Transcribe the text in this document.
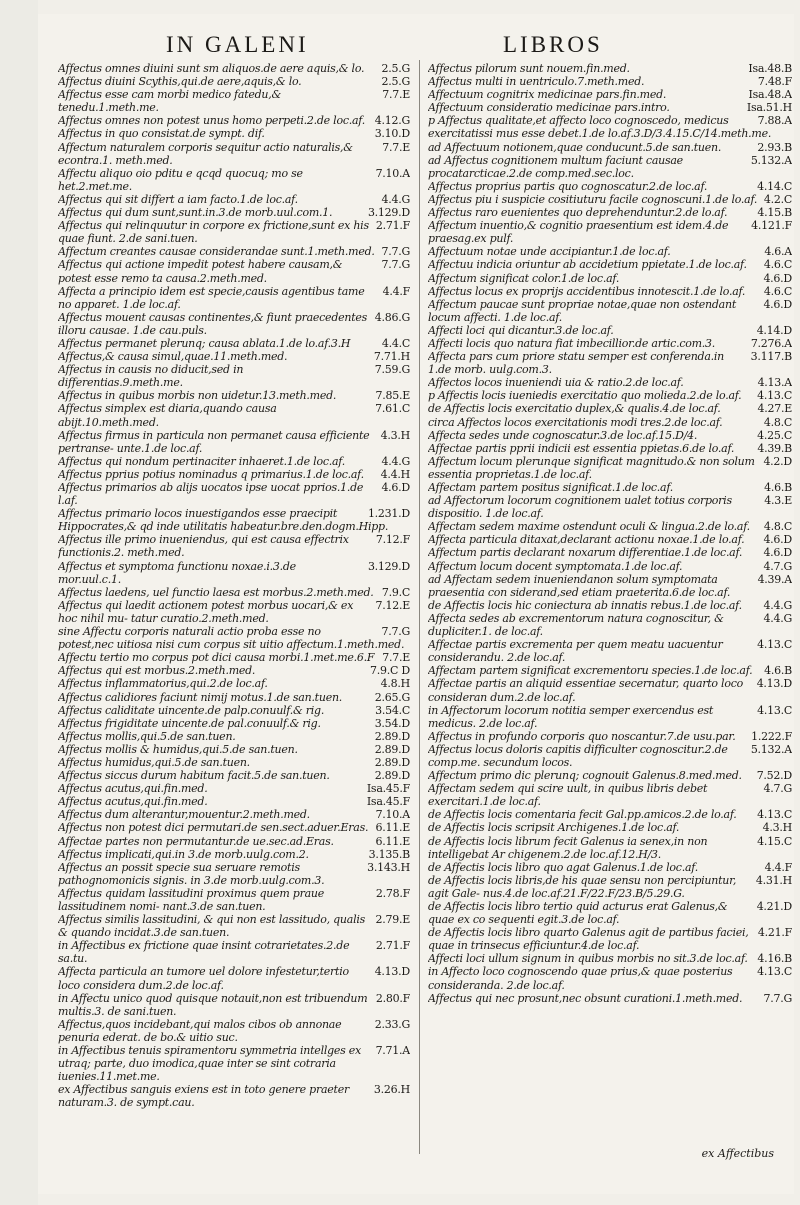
IN GALENI	LIBROS

2.5.G
Affectus omnes diuini sunt sm aliquos.de aere aquis,& lo.

2.5.G
Affectus diuini Scythis,qui.de aere,aquis,& lo.

7.7.E
Affectus esse cam morbi medico fatedu,& tenedu.1.meth.me.

4.12.G
Affectus omnes non potest unus homo perpeti.2.de loc.af.

3.10.D
Affectus in quo consistat.de sympt. dif.

7.7.E
Affectum naturalem corporis sequitur actio naturalis,& econtra.1. meth.med.

7.10.A
Affectu aliquo oio pditu e qcqd quocuq; mo se het.2.met.me.

4.4.G
Affectus qui sit differt a iam facto.1.de loc.af.

3.129.D
Affectus qui dum sunt,sunt.in.3.de morb.uul.com.1.

2.71.F
Affectus qui relinquutur in corpore ex frictione,sunt ex his quae fiunt. 2.de sani.tuen.

7.7.G
Affectum creantes causae considerandae sunt.1.meth.med.

7.7.G
Affectus qui actione impedit potest habere causam,& potest esse remo ta causa.2.meth.med.

4.4.F
Affecta a principio idem est specie,causis agentibus tame no apparet. 1.de loc.af.

4.86.G
Affectus mouent causas continentes,& fiunt praecedentes illoru causae. 1.de cau.puls.

4.4.C
Affectus permanet plerunq; causa ablata.1.de lo.af.3.H

7.71.H
Affectus,& causa simul,quae.11.meth.med.

7.59.G
Affectus in causis no diducit,sed in differentias.9.meth.me.

7.85.E
Affectus in quibus morbis non uidetur.13.meth.med.

7.61.C
Affectus simplex est diaria,quando causa abijt.10.meth.med.

4.3.H
Affectus firmus in particula non permanet causa efficiente pertranse- unte.1.de loc.af.

4.4.G
Affectus qui nondum pertinaciter inhaeret.1.de loc.af.

4.4.H
Affectus pprius potius nominadus q primarius.1.de loc.af.

4.6.D
Affectus primarios ab alijs uocatos ipse uocat pprios.1.de l.af.

1.231.D
Affectus primario locos inuestigandos esse praecipit Hippocrates,& qd inde utilitatis habeatur.bre.den.dogm.Hipp.

7.12.F
Affectus ille primo inueniendus, qui est causa effectrix functionis.2. meth.med.

3.129.D
Affectus et symptoma functionu noxae.i.3.de mor.uul.c.1.

7.9.C
Affectus laedens, uel functio laesa est morbus.2.meth.med.

7.12.E
Affectus qui laedit actionem potest morbus uocari,& ex hoc nihil mu- tatur curatio.2.meth.med.

7.7.G
sine Affectu corporis naturali actio proba esse no potest,nec uitiosa nisi cum corpus sit uitio affectum.1.meth.med.

7.7.E
Affectu tertio mo corpus pot dici causa morbi.1.met.me.6.F

7.9.C D
Affectus qui est morbus.2.meth.med.

4.8.H
Affectus inflammatorius,qui.2.de loc.af.

2.65.G
Affectus calidiores faciunt nimij motus.1.de san.tuen.

3.54.C
Affectus caliditate uincente.de palp.conuulf.& rig.

3.54.D
Affectus frigiditate uincente.de pal.conuulf.& rig.

2.89.D
Affectus mollis,qui.5.de san.tuen.

2.89.D
Affectus mollis & humidus,qui.5.de san.tuen.

2.89.D
Affectus humidus,qui.5.de san.tuen.

2.89.D
Affectus siccus durum habitum facit.5.de san.tuen.

Isa.45.F
Affectus acutus,qui.fin.med.

Isa.45.F
Affectus acutus,qui.fin.med.

7.10.A
Affectus dum alterantur,mouentur.2.meth.med.

6.11.E
Affectus non potest dici permutari.de sen.sect.aduer.Eras.

6.11.E
Affectae partes non permutantur.de ue.sec.ad.Eras.

3.135.B
Affectus implicati,qui.in 3.de morb.uulg.com.2.

3.143.H
Affectus an possit specie sua seruare remotis pathognomonicis signis. in 3.de morb.uulg.com.3.

2.78.F
Affectus quidam lassitudini proximus quem praue lassitudinem nomi- nant.3.de san.tuen.

2.79.E
Affectus similis lassitudini, & qui non est lassitudo, qualis & quando incidat.3.de san.tuen.

2.71.F
in Affectibus ex frictione quae insint cotrarietates.2.de sa.tu.

4.13.D
Affecta particula an tumore uel dolore infestetur,tertio loco considera dum.2.de loc.af.

2.80.F
in Affectu unico quod quisque notauit,non est tribuendum multis.3. de sani.tuen.

2.33.G
Affectus,quos incidebant,qui malos cibos ob annonae penuria ederat. de bo.& uitio suc.

7.71.A
in Affectibus tenuis spiramentoru symmetria intellges ex utraq; parte, duo imodica,quae inter se sint cotraria iuenies.11.met.me.

3.26.H
ex Affectibus sanguis exiens est in toto genere praeter naturam.3. de sympt.cau.

Isa.48.B
Affectus pilorum sunt nouem.fin.med.

7.48.F
Affectus multi in uentriculo.7.meth.med.

Isa.48.A
Affectuum cognitrix medicinae pars.fin.med.

Isa.51.H
Affectuum consideratio medicinae pars.intro.

7.88.A
p Affectus qualitate,et affecto loco cognoscedo, medicus exercitatissi mus esse debet.1.de lo.af.3.D/3.4.15.C/14.meth.me.

2.93.B
ad Affectuum notionem,quae conducunt.5.de san.tuen.

5.132.A
ad Affectus cognitionem multum faciunt causae procatarcticae.2.de comp.med.sec.loc.

4.14.C
Affectus proprius partis quo cognoscatur.2.de loc.af.

4.2.C
Affectus piu i suspicie cositiuturu facile cognoscuni.1.de lo.af.

4.15.B
Affectus raro euenientes quo deprehenduntur.2.de lo.af.

4.121.F
Affectum inuentio,& cognitio praesentium est idem.4.de praesag.ex pulf.

4.6.A
Affectuum notae unde accipiantur.1.de loc.af.

4.6.C
Affectuu indicia oriuntur ab accidetium ppietate.1.de loc.af.

4.6.D
Affectum significat color.1.de loc.af.

4.6.C
Affectus locus ex proprijs accidentibus innotescit.1.de lo.af.

4.6.D
Affectum paucae sunt propriae notae,quae non ostendant locum affecti. 1.de loc.af.

4.14.D
Affecti loci qui dicantur.3.de loc.af.

7.276.A
Affecti locis quo natura fiat imbecillior.de artic.com.3.

3.117.B
Affecta pars cum priore statu semper est conferenda.in 1.de morb. uulg.com.3.

4.13.A
Affectos locos inueniendi uia & ratio.2.de loc.af.

4.13.C
p Affectis locis iueniedis exercitatio quo molieda.2.de lo.af.

4.27.E
de Affectis locis exercitatio duplex,& qualis.4.de loc.af.

4.8.C
circa Affectos locos exercitationis modi tres.2.de loc.af.

4.25.C
Affecta sedes unde cognoscatur.3.de loc.af.15.D/4.

4.39.B
Affectae partis pprii indicii est essentia ppietas.6.de lo.af.

4.2.D
Affectum locum plerunque significat magnitudo.& non solum essentia proprietas.1.de loc.af.

4.6.B
Affectam partem positus significat.1.de loc.af.

4.3.E
ad Affectorum locorum cognitionem ualet totius corporis dispositio. 1.de loc.af.

4.8.C
Affectam sedem maxime ostendunt oculi & lingua.2.de lo.af.

4.6.D
Affecta particula ditaxat,declarant actionu noxae.1.de lo.af.

4.6.D
Affectum partis declarant noxarum differentiae.1.de loc.af.

4.7.G
Affectum locum docent symptomata.1.de loc.af.

4.39.A
ad Affectam sedem inueniendanon solum symptomata praesentia con siderand,sed etiam praeterita.6.de loc.af.

4.4.G
de Affectis locis hic coniectura ab innatis rebus.1.de loc.af.

4.4.G
Affecta sedes ab excrementorum natura cognoscitur, & dupliciter.1. de loc.af.

4.13.C
Affectae partis excrementa per quem meatu uacuentur considerandu. 2.de loc.af.

4.6.B
Affectam partem significat excrementoru species.1.de loc.af.

4.13.D
Affectae partis an aliquid essentiae secernatur, quarto loco consideran dum.2.de loc.af.

4.13.C
in Affectorum locorum notitia semper exercendus est medicus. 2.de loc.af.

1.222.F
Affectus in profundo corporis quo noscantur.7.de usu.par.

5.132.A
Affectus locus doloris capitis difficulter cognoscitur.2.de comp.me. secundum locos.

7.52.D
Affectum primo dic plerunq; cognouit Galenus.8.med.med.

4.7.G
Affectam sedem qui scire uult, in quibus libris debet exercitari.1.de loc.af.

4.13.C
de Affectis locis comentaria fecit Gal.pp.amicos.2.de lo.af.

4.3.H
de Affectis locis scripsit Archigenes.1.de loc.af.

4.15.C
de Affectis locis librum fecit Galenus ia senex,in non intelligebat Ar chigenem.2.de loc.af.12.H/3.

4.4.F
de Affectis locis libro quo agat Galenus.1.de loc.af.

4.31.H
de Affectis locis libris,de his quae sensu non percipiuntur, agit Gale- nus.4.de loc.af.21.F/22.F/23.B/5.29.G.

4.21.D
de Affectis locis libro tertio quid acturus erat Galenus,& quae ex co sequenti egit.3.de loc.af.

4.21.F
de Affectis locis libro quarto Galenus agit de partibus faciei, quae in trinsecus efficiuntur.4.de loc.af.

4.16.B
Affecti loci ullum signum in quibus morbis no sit.3.de loc.af.

4.13.C
in Affecto loco cognoscendo quae prius,& quae posterius consideranda. 2.de loc.af.

7.7.G
Affectus qui nec prosunt,nec obsunt curationi.1.meth.med.

ex Affectibus
